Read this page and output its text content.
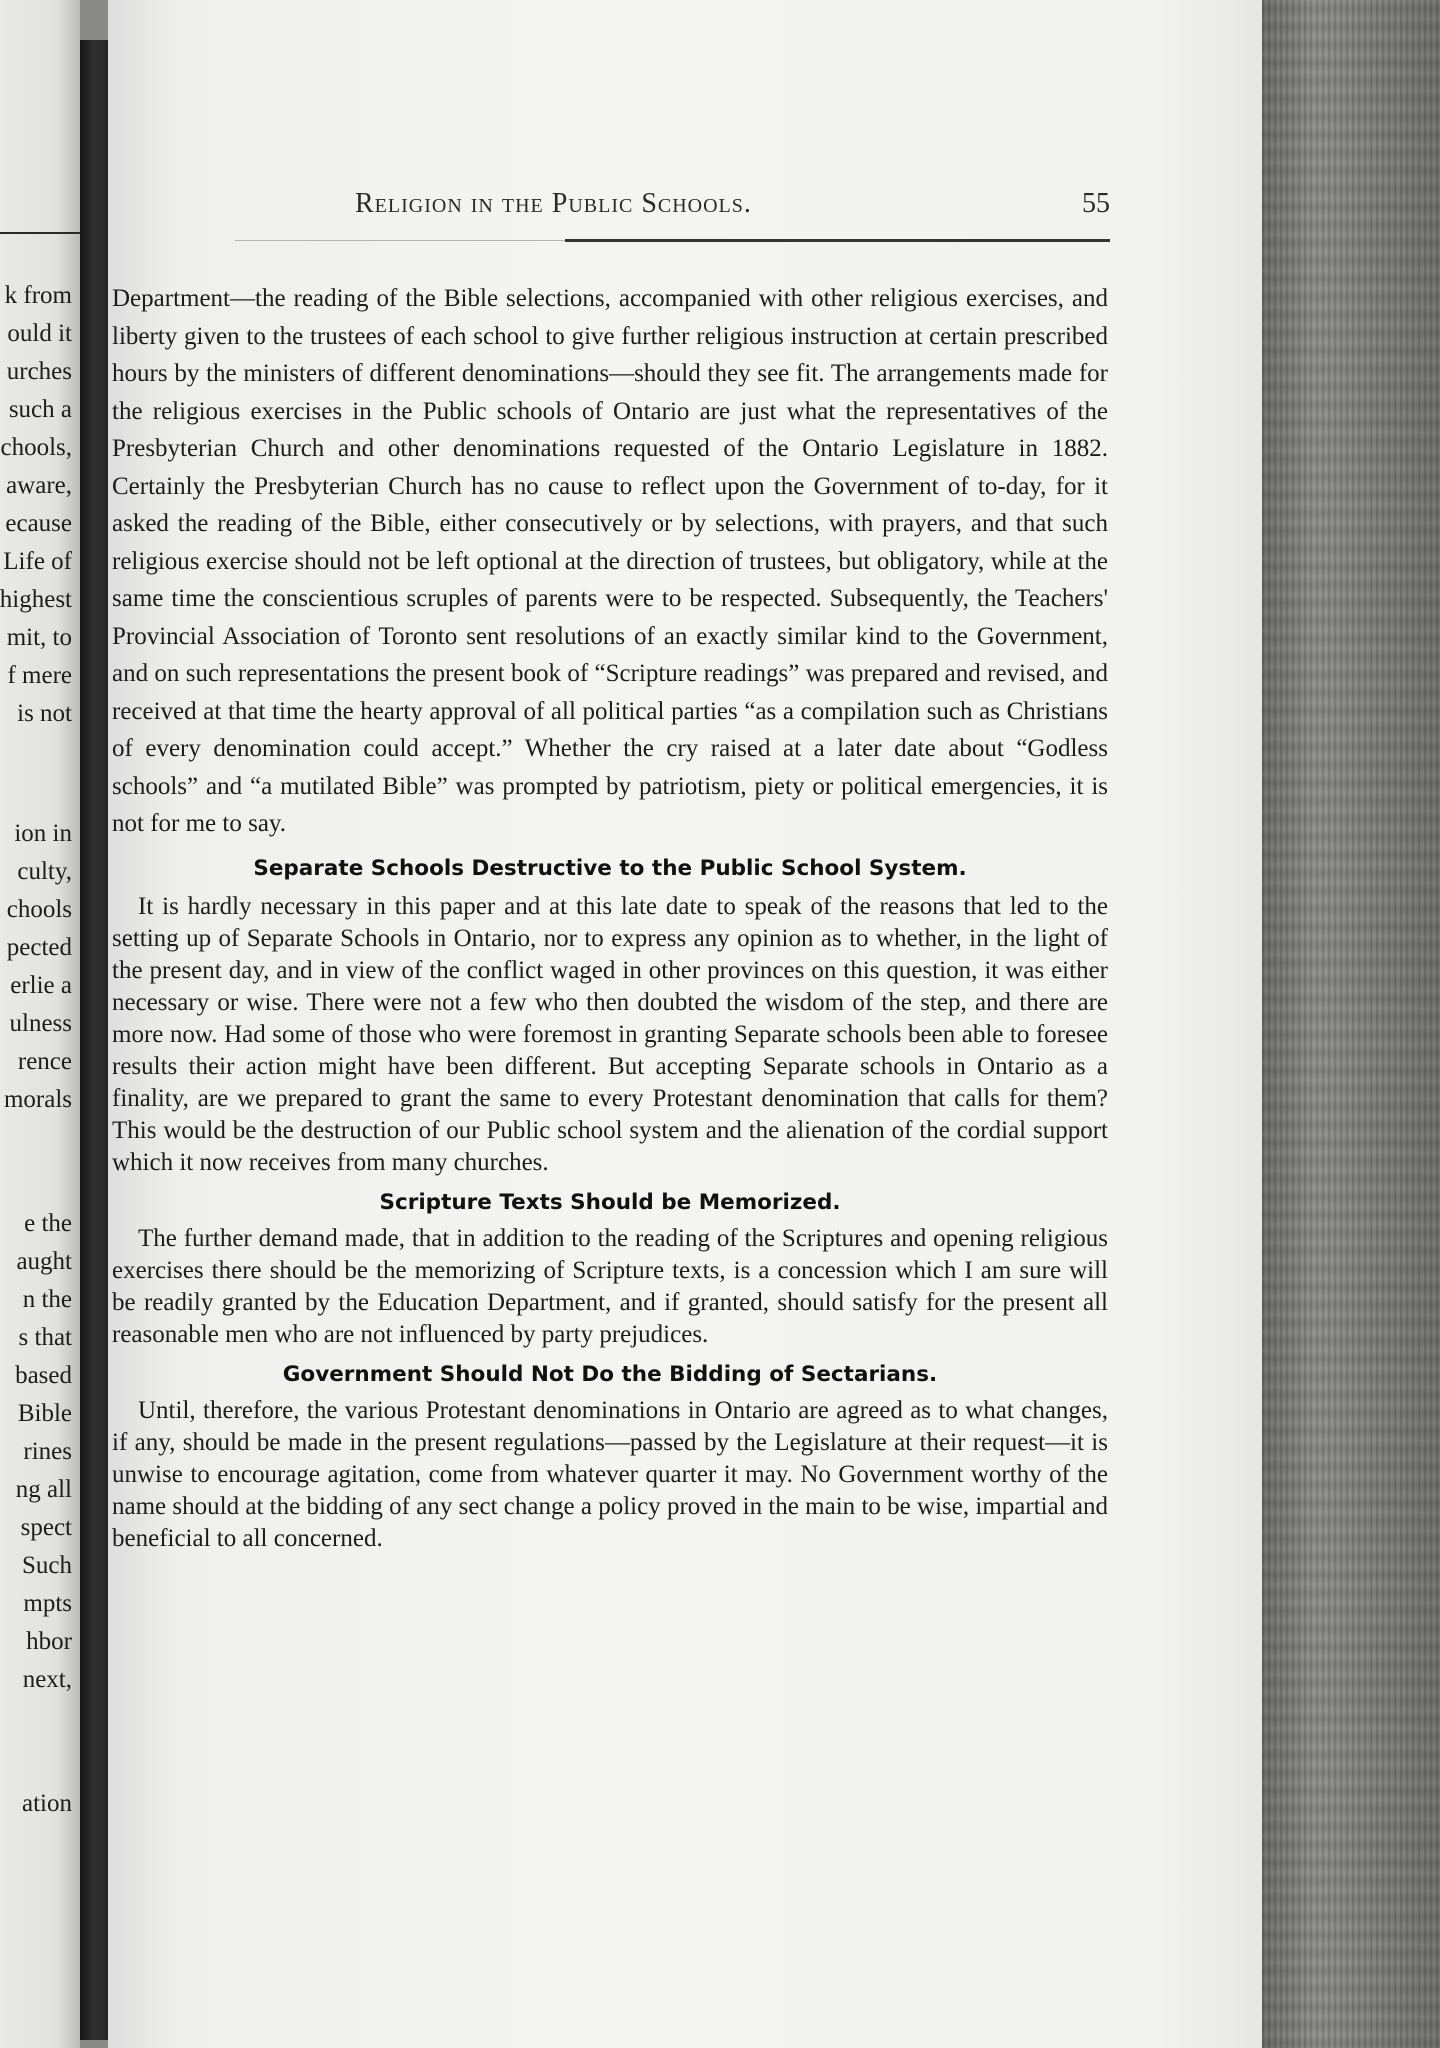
k from
ould it
urches
such a
chools,
aware,
ecause
Life of
highest
mit, to
f mere
is not
ion in
culty,
chools
pected
erlie a
ulness
rence
morals
e the
aught
n the
s that
based
Bible
rines
ng all
spect
Such
mpts
hbor
next,
ation
Religion in the Public Schools.	55

Department—the reading of the Bible selections, accompanied with other religious exercises, and liberty given to the trustees of each school to give further religious instruction at certain prescribed hours by the ministers of different denominations—should they see fit. The arrangements made for the religious exercises in the Public schools of Ontario are just what the representatives of the Presbyterian Church and other denominations requested of the Ontario Legislature in 1882. Certainly the Presbyterian Church has no cause to reflect upon the Government of to-day, for it asked the reading of the Bible, either consecutively or by selections, with prayers, and that such religious exercise should not be left optional at the direction of trustees, but obligatory, while at the same time the conscientious scruples of parents were to be respected. Subsequently, the Teachers' Provincial Association of Toronto sent resolutions of an exactly similar kind to the Government, and on such representations the present book of “Scripture readings” was prepared and revised, and received at that time the hearty approval of all political parties “as a compilation such as Christians of every denomination could accept.” Whether the cry raised at a later date about “Godless schools” and “a mutilated Bible” was prompted by patriotism, piety or political emergencies, it is not for me to say.

Separate Schools Destructive to the Public School System.

It is hardly necessary in this paper and at this late date to speak of the reasons that led to the setting up of Separate Schools in Ontario, nor to express any opinion as to whether, in the light of the present day, and in view of the conflict waged in other provinces on this question, it was either necessary or wise. There were not a few who then doubted the wisdom of the step, and there are more now. Had some of those who were foremost in granting Separate schools been able to foresee results their action might have been different. But accepting Separate schools in Ontario as a finality, are we prepared to grant the same to every Protestant denomination that calls for them? This would be the destruction of our Public school system and the alienation of the cordial support which it now receives from many churches.

Scripture Texts Should be Memorized.

The further demand made, that in addition to the reading of the Scriptures and opening religious exercises there should be the memorizing of Scripture texts, is a concession which I am sure will be readily granted by the Education Department, and if granted, should satisfy for the present all reasonable men who are not influenced by party prejudices.

Government Should Not Do the Bidding of Sectarians.

Until, therefore, the various Protestant denominations in Ontario are agreed as to what changes, if any, should be made in the present regulations—passed by the Legislature at their request—it is unwise to encourage agitation, come from whatever quarter it may. No Government worthy of the name should at the bidding of any sect change a policy proved in the main to be wise, impartial and beneficial to all concerned.
